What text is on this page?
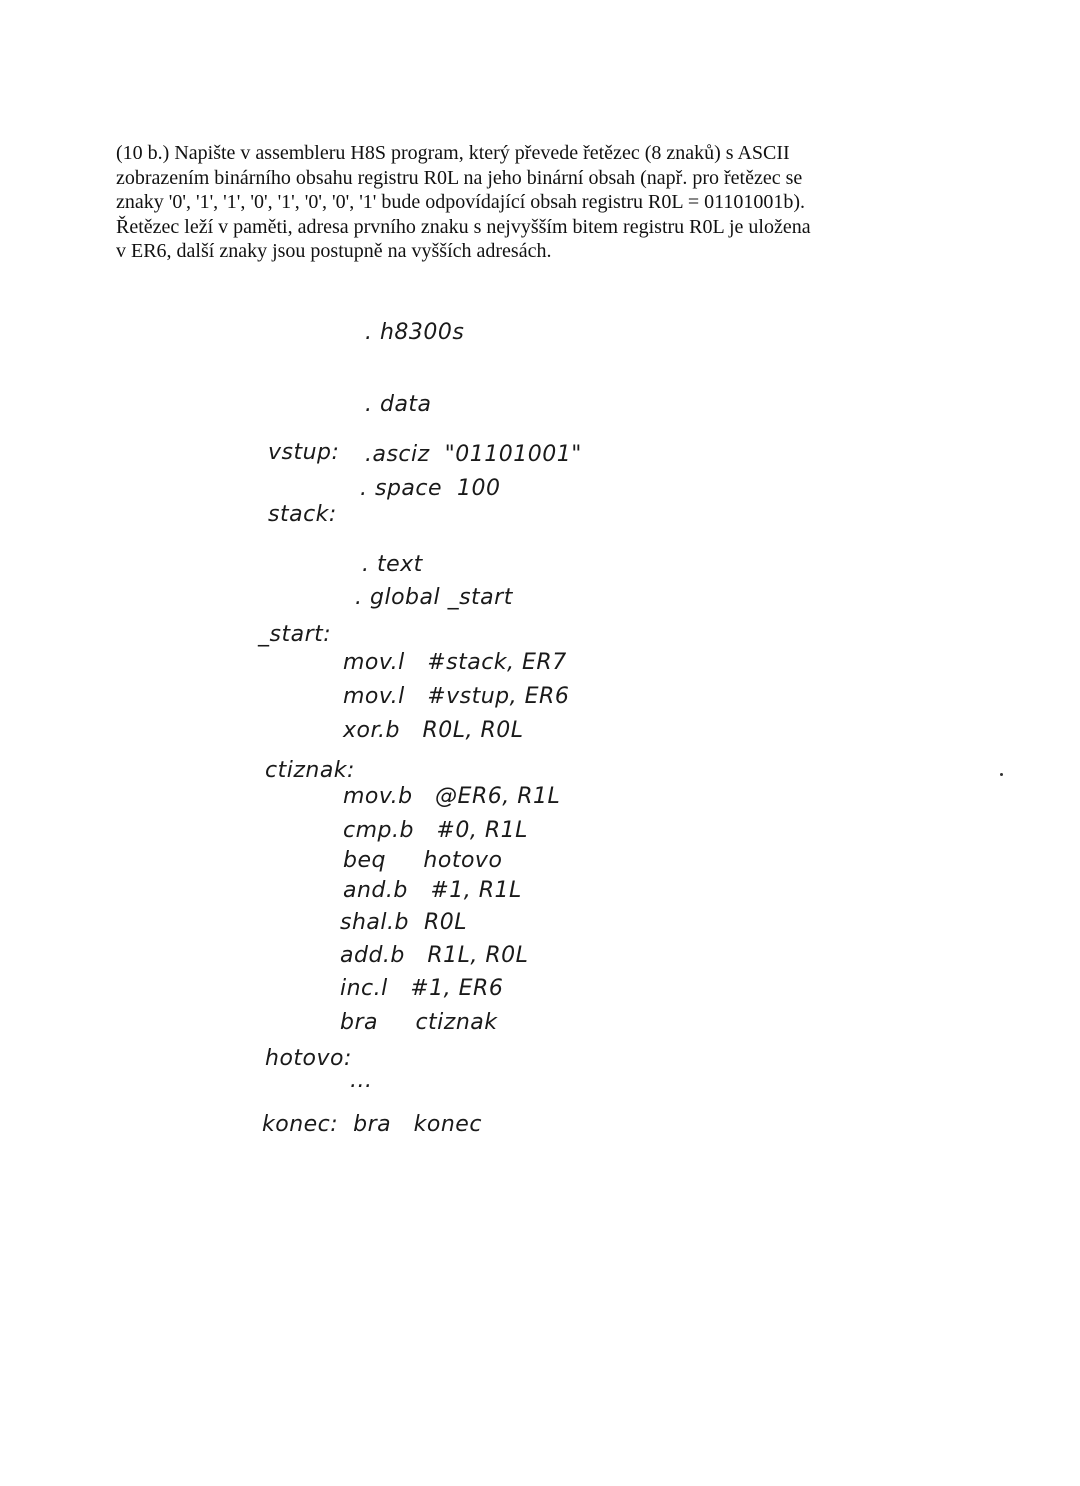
(10 b.) Napište v assembleru H8S program, který převede řetězec (8 znaků) s ASCII
zobrazením binárního obsahu registru R0L na jeho binární obsah (např. pro řetězec se
znaky '0', '1', '1', '0', '1', '0', '0', '1' bude odpovídající obsah registru R0L = 01101001b).
Řetězec leží v paměti, adresa prvního znaku s nejvyšším bitem registru R0L je uložena
v ER6, další znaky jsou postupně na vyšších adresách.
. h8300s
. data
vstup: .asciz  "01101001"
. space  100
stack:
. text
. global _start
_start:
mov.l   #stack, ER7
mov.l   #vstup, ER6
xor.b   R0L, R0L
ctiznak:
mov.b   @ER6, R1L
cmp.b   #0, R1L
beq     hotovo
and.b   #1, R1L
shal.b  R0L
add.b   R1L, R0L
inc.l   #1, ER6
bra     ctiznak
hotovo:
...
konec:  bra   konec
